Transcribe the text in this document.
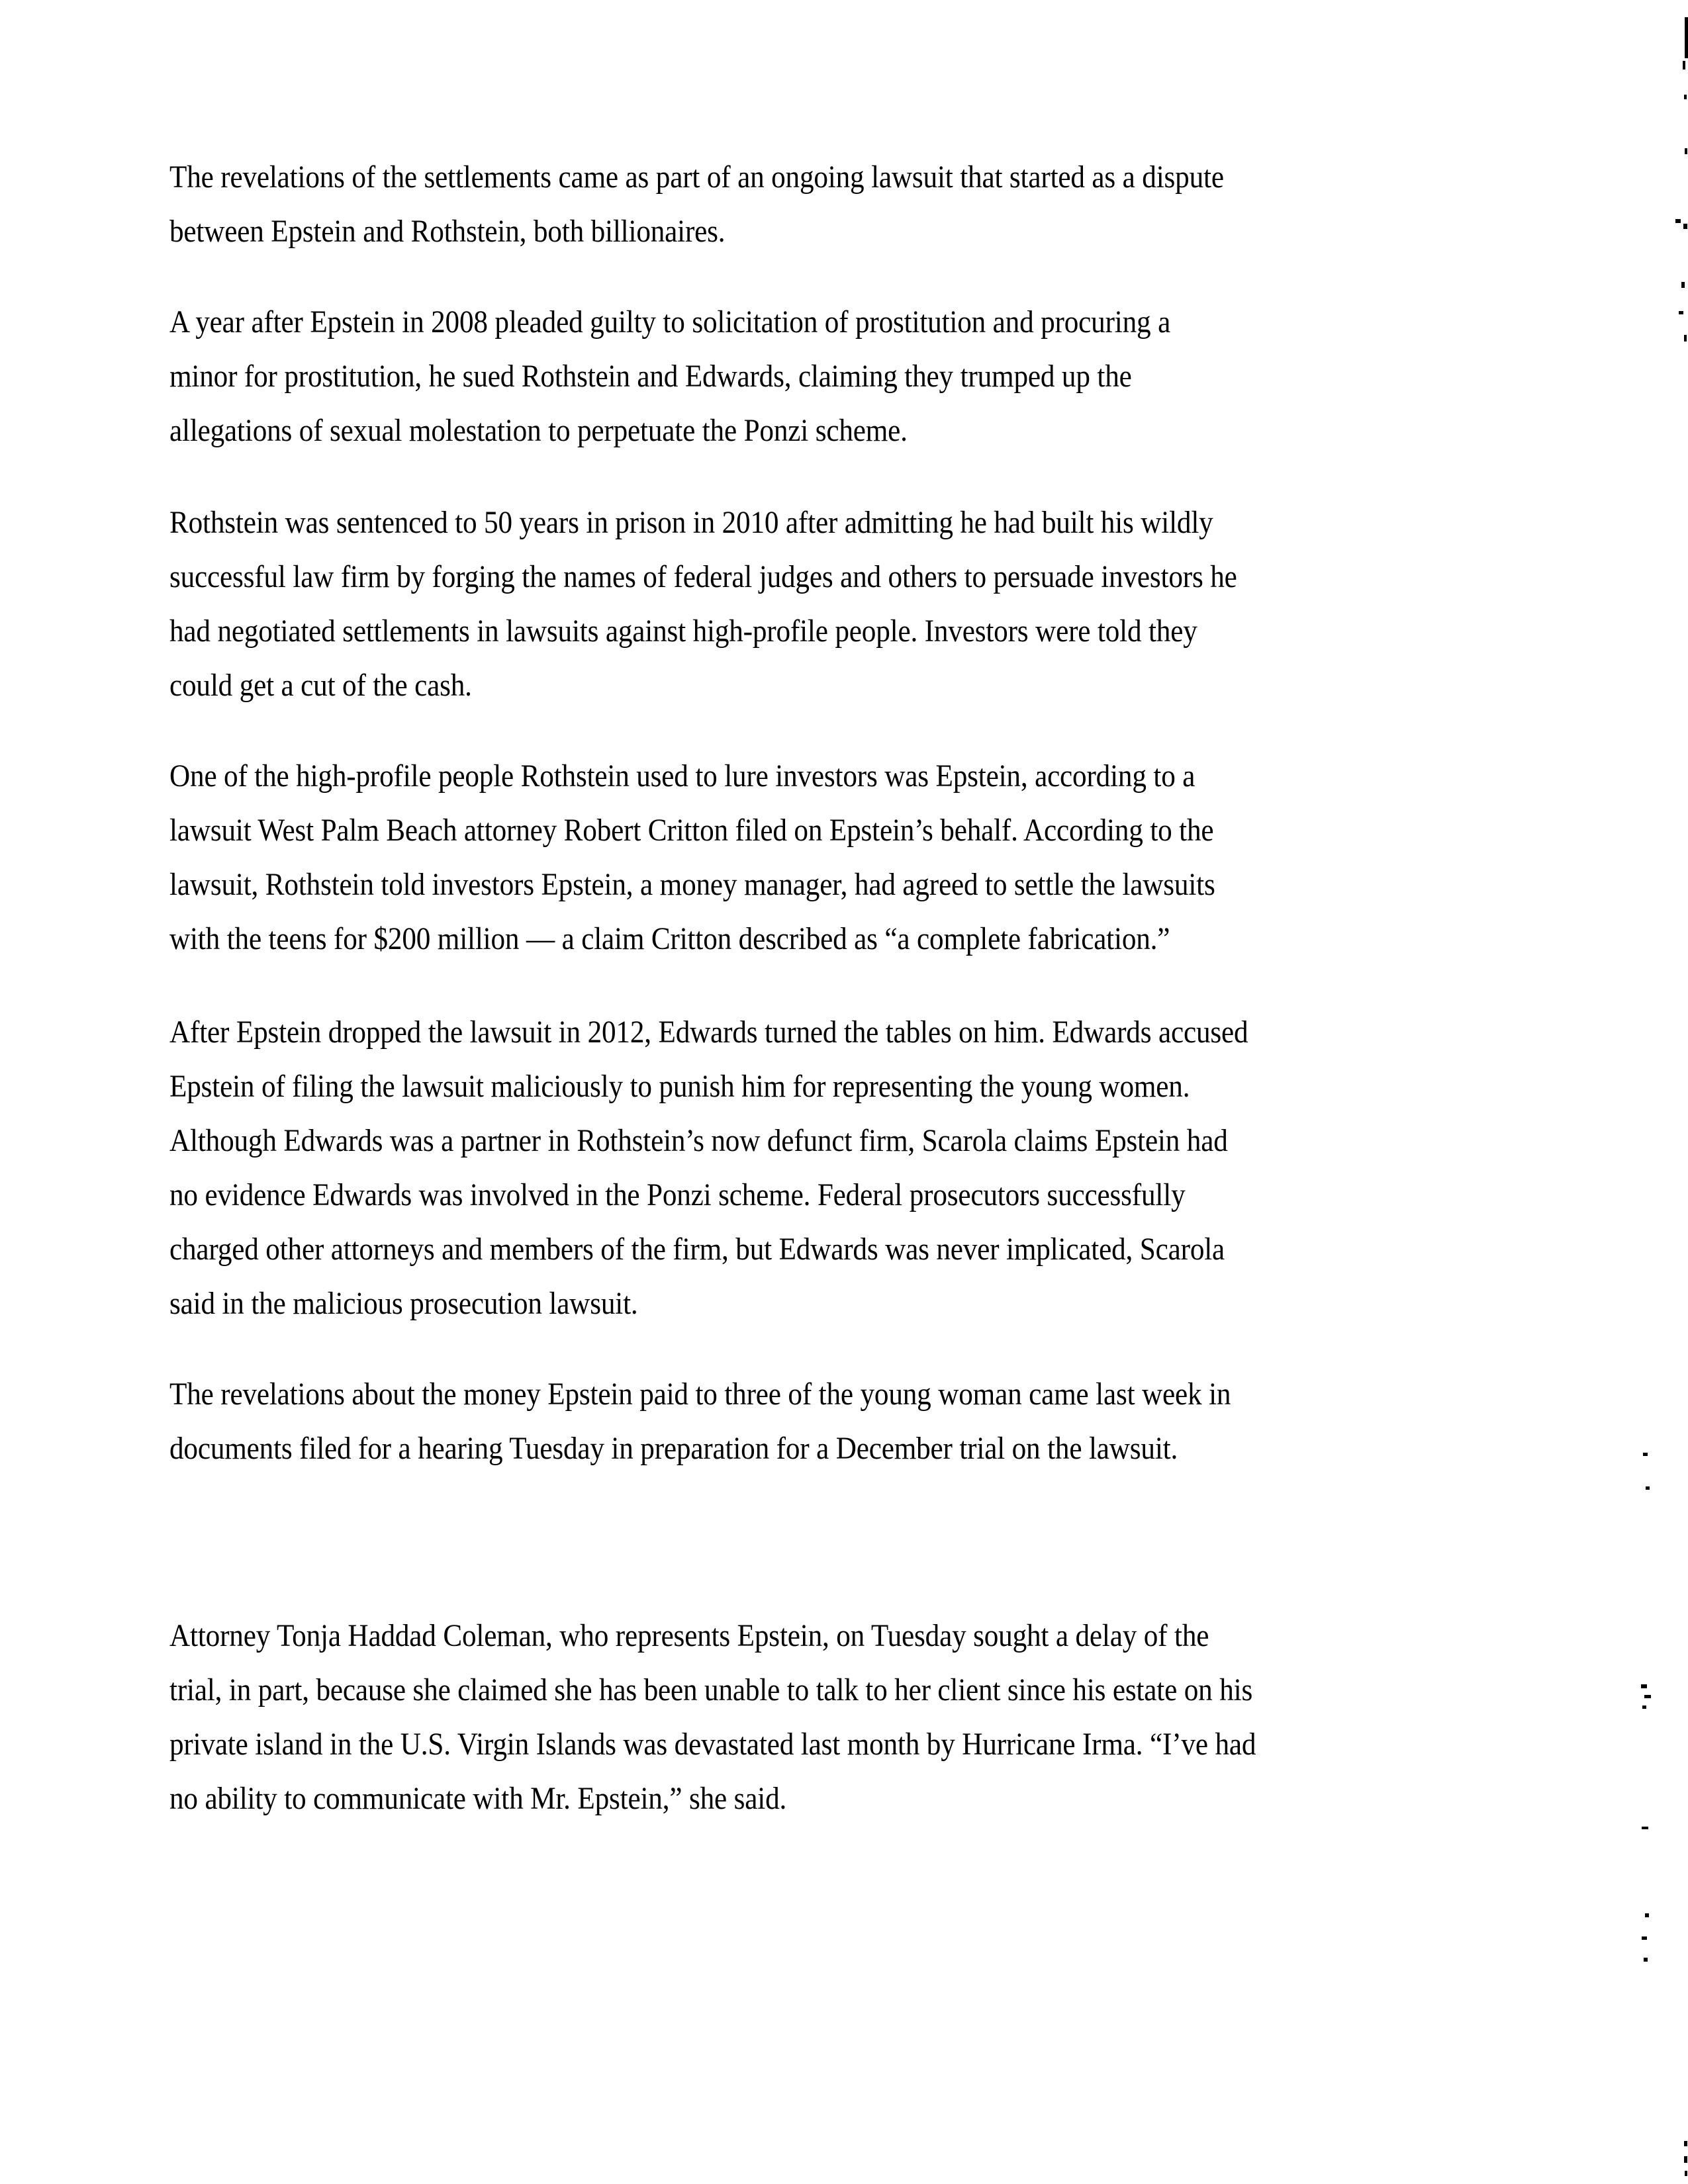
The revelations of the settlements came as part of an ongoing lawsuit that started as a dispute
between Epstein and Rothstein, both billionaires.
A year after Epstein in 2008 pleaded guilty to solicitation of prostitution and procuring a
minor for prostitution, he sued Rothstein and Edwards, claiming they trumped up the
allegations of sexual molestation to perpetuate the Ponzi scheme.
Rothstein was sentenced to 50 years in prison in 2010 after admitting he had built his wildly
successful law firm by forging the names of federal judges and others to persuade investors he
had negotiated settlements in lawsuits against high-profile people. Investors were told they
could get a cut of the cash.
One of the high-profile people Rothstein used to lure investors was Epstein, according to a
lawsuit West Palm Beach attorney Robert Critton filed on Epstein’s behalf. According to the
lawsuit, Rothstein told investors Epstein, a money manager, had agreed to settle the lawsuits
with the teens for $200 million — a claim Critton described as “a complete fabrication.”
After Epstein dropped the lawsuit in 2012, Edwards turned the tables on him. Edwards accused
Epstein of filing the lawsuit maliciously to punish him for representing the young women.
Although Edwards was a partner in Rothstein’s now defunct firm, Scarola claims Epstein had
no evidence Edwards was involved in the Ponzi scheme. Federal prosecutors successfully
charged other attorneys and members of the firm, but Edwards was never implicated, Scarola
said in the malicious prosecution lawsuit.
The revelations about the money Epstein paid to three of the young woman came last week in
documents filed for a hearing Tuesday in preparation for a December trial on the lawsuit.
Attorney Tonja Haddad Coleman, who represents Epstein, on Tuesday sought a delay of the
trial, in part, because she claimed she has been unable to talk to her client since his estate on his
private island in the U.S. Virgin Islands was devastated last month by Hurricane Irma. “I’ve had
no ability to communicate with Mr. Epstein,” she said.
